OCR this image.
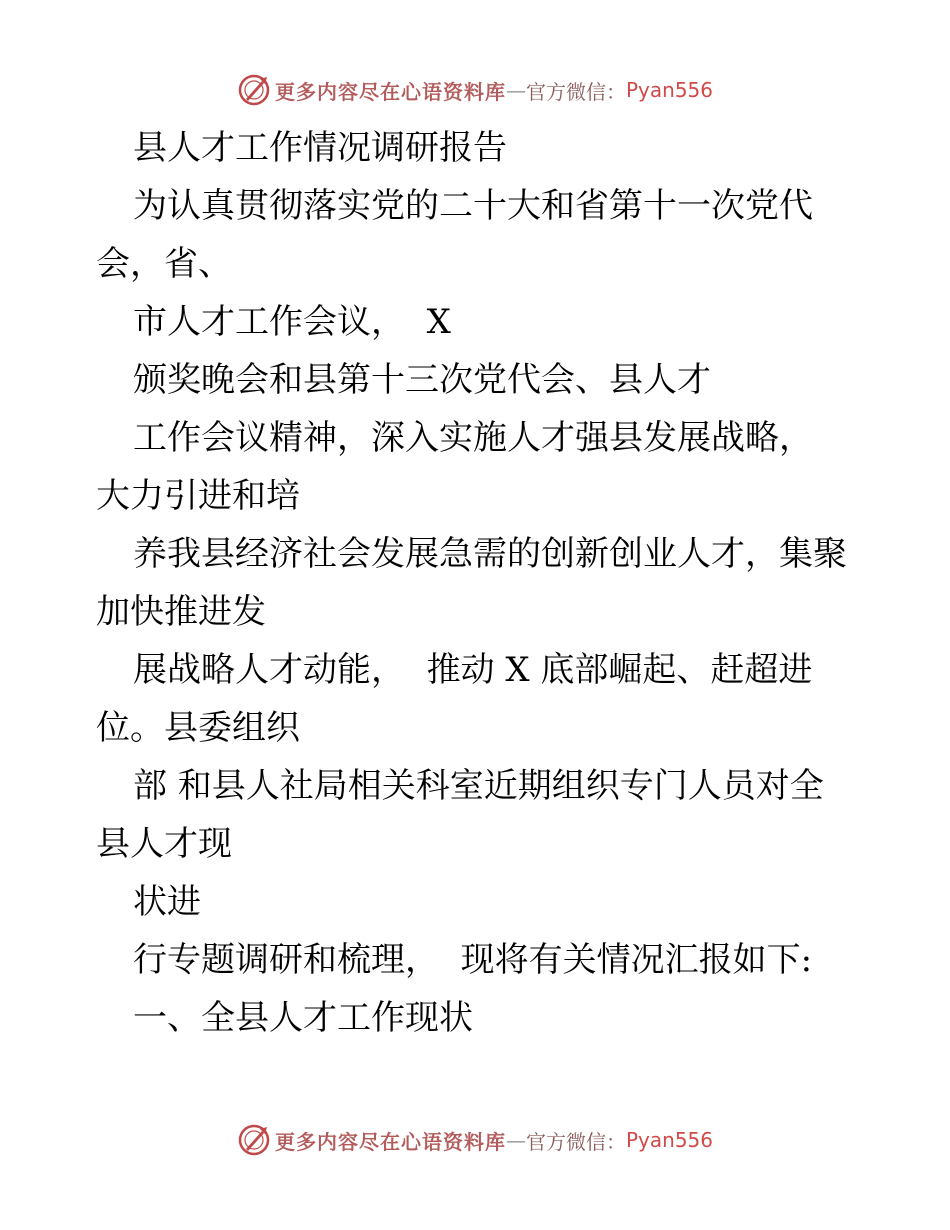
更多内容尽在心语资料库 — 官方微信： Pyan556
县人才工作情况调研报告
为认真贯彻落实党的二十大和省第十一次党代
会，省、
市人才工作会议，  X
颁奖晚会和县第十三次党代会、县人才
工作会议精神，深入实施人才强县发展战略，
大力引进和培
养我县经济社会发展急需的创新创业人才，集聚
加快推进发
展战略人才动能，  推动 X 底部崛起、赶超进
位。县委组织
部 和县人社局相关科室近期组织专门人员对全
县人才现
状进
行专题调研和梳理，  现将有关情况汇报如下:
一、全县人才工作现状
更多内容尽在心语资料库 — 官方微信： Pyan556
